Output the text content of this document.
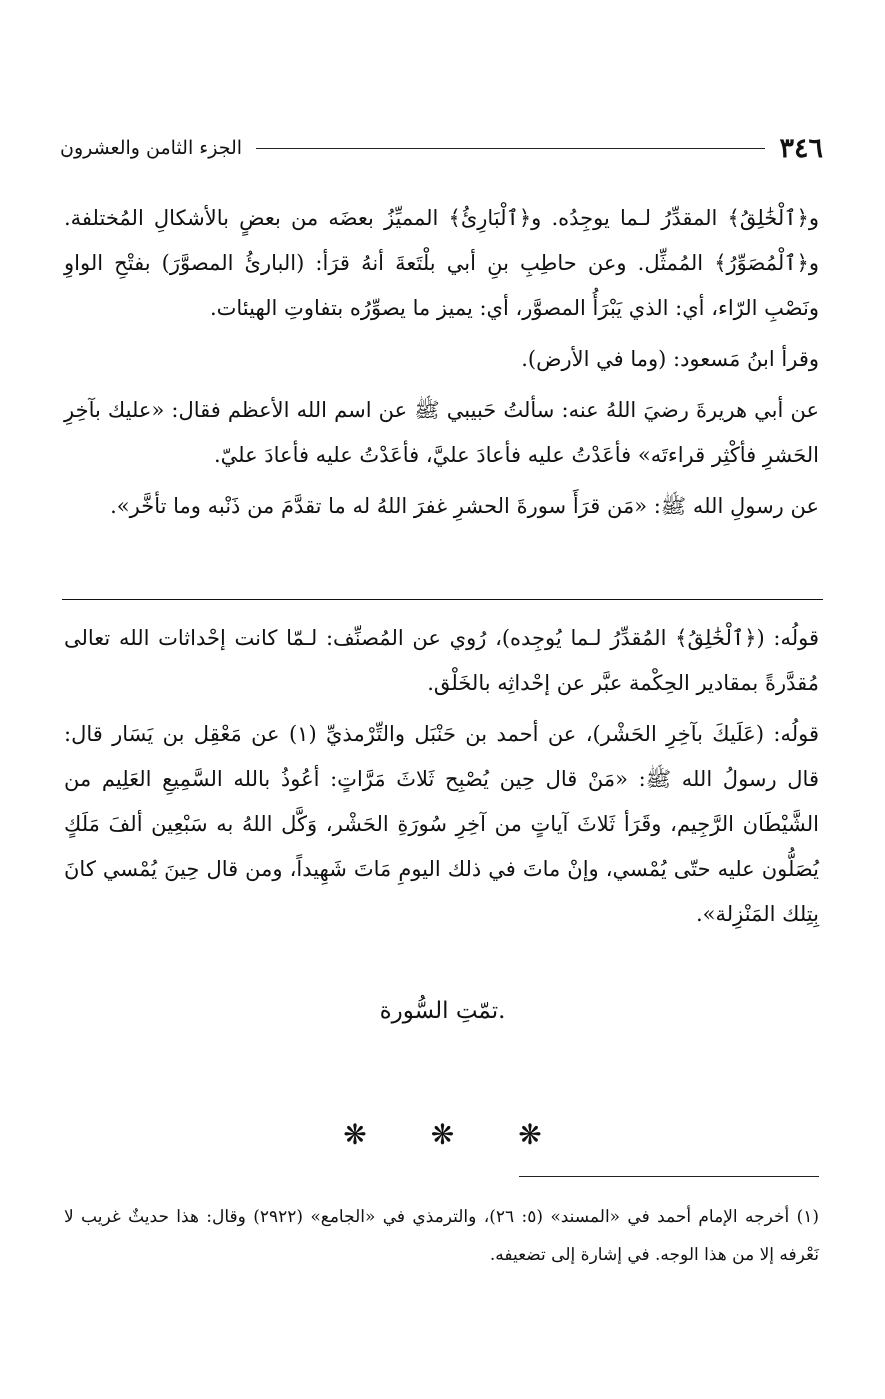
٣٤٦
الجزء الثامن والعشرون

و﴿ٱلْخَٰلِقُ﴾ المقدِّرُ لـما يوجِدُه. و﴿ٱلْبَارِئُ﴾ المميِّزُ بعضَه من بعضٍ بالأشكالِ المُختلفة. و﴿ٱلْمُصَوِّرُ﴾ المُمثِّل. وعن حاطِبِ بنِ أبي بلْتَعةَ أنهُ قرَأ: (البارئُ المصوَّرَ) بفتْحِ الواوِ ونَصْبِ الرّاء، أي: الذي يَبْرَأُ المصوَّر، أي: يميز ما يصوِّرُه بتفاوتِ الهيئات.

وقرأ ابنُ مَسعود: (وما في الأرض).

عن أبي هريرةَ رضيَ اللهُ عنه: سألتُ حَبيبي ﷺ عن اسم الله الأعظم فقال: «عليك بآخِرِ الحَشرِ فأكْثِر قراءتَه» فأعَدْتُ عليه فأعادَ عليَّ، فأعَدْتُ عليه فأعادَ عليّ.

عن رسولِ الله ﷺ: «مَن قرَأَ سورةَ الحشرِ غفرَ اللهُ له ما تقدَّمَ من ذَنْبه وما تأخَّر».

قولُه: (﴿ٱلْخَٰلِقُ﴾ المُقدِّرُ لـما يُوجِده)، رُوي عن المُصنِّف: لـمّا كانت إحْداثات الله تعالى مُقدَّرةً بمقادير الحِكْمة عبَّر عن إحْداثِه بالخَلْق.

قولُه: (عَلَيكَ بآخِرِ الحَشْر)، عن أحمد بن حَنْبَل والتِّرْمذيِّ (١) عن مَعْقِل بن يَسَار قال: قال رسولُ الله ﷺ: «مَنْ قال حِين يُصْبِح ثَلاثَ مَرَّاتٍ: أعُوذُ بالله السَّمِيعِ العَلِيم من الشَّيْطَان الرَّجِيم، وقَرَأ ثَلاثَ آياتٍ من آخِرِ سُورَةِ الحَشْر، وَكَّل اللهُ به سَبْعِين ألفَ مَلَكٍ يُصَلُّون عليه حتّى يُمْسي، وإنْ ماتَ في ذلك اليومِ مَاتَ شَهِيداً، ومن قال حِينَ يُمْسي كانَ بِتِلك المَنْزِلة».

تمّتِ السُّورة.
❋ ❋ ❋
(١) أخرجه الإمام أحمد في «المسند» (٥: ٢٦)، والترمذي في «الجامع» (٢٩٢٢) وقال: هذا حديثٌ غريب لا نَعْرفه إلا من هذا الوجه. في إشارة إلى تضعيفه.
